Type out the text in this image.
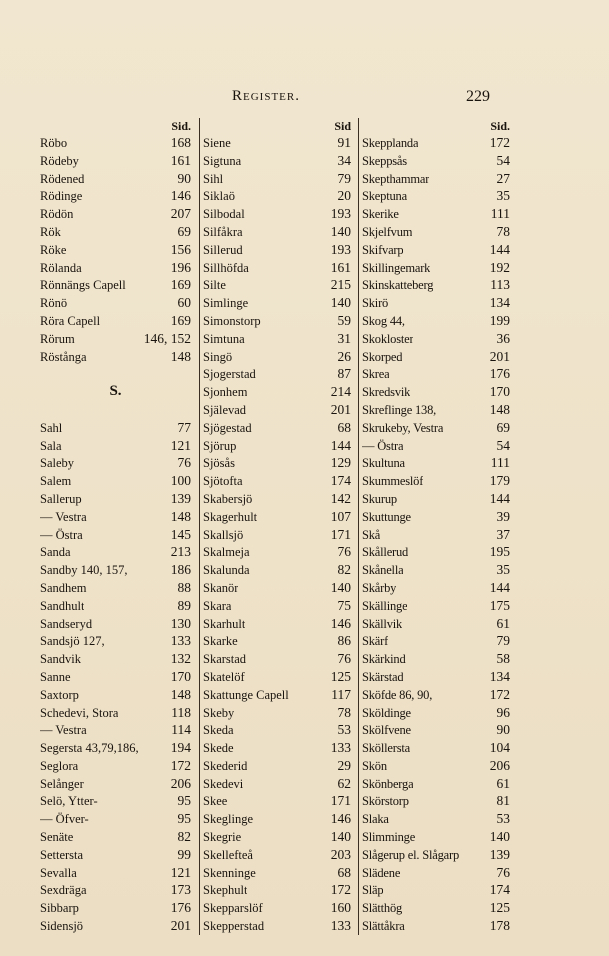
Register.	229
Sid.
Röbo	168
Rödeby	161
Rödened	90
Rödinge	146
Rödön	207
Rök	69
Röke	156
Rölanda	196
Rönnängs Capell	169
Rönö	60
Röra Capell	169
Rörum	146, 152
Röstånga	148
S.
Sahl	77
Sala	121
Saleby	76
Salem	100
Sallerup	139
— Vestra	148
— Östra	145
Sanda	213
Sandby 140, 157,	186
Sandhem	88
Sandhult	89
Sandseryd	130
Sandsjö 127,	133
Sandvik	132
Sanne	170
Saxtorp	148
Schedevi, Stora	118
— Vestra	114
Segersta 43,79,186, 194
Seglora	172
Selånger	206
Selö, Ytter-	95
— Öfver-	95
Senäte	82
Settersta	99
Sevalla	121
Sexdräga	173
Sibbarp	176
Sidensjö	201
Sid
Siene	91
Sigtuna	34
Sihl	79
Siklaö	20
Silbodal	193
Silfåkra	140
Sillerud	193
Sillhöfda	161
Silte	215
Simlinge	140
Simonstorp	59
Simtuna	31
Singö	26
Sjogerstad	87
Sjonhem	214
Själevad	201
Sjögestad	68
Sjörup	144
Sjösås	129
Sjötofta	174
Skabersjö	142
Skagerhult	107
Skallsjö	171
Skalmeja	76
Skalunda	82
Skanör	140
Skara	75
Skarhult	146
Skarke	86
Skarstad	76
Skatelöf	125
Skattunge Capell	117
Skeby	78
Skeda	53
Skede	133
Skederid	29
Skedevi	62
Skee	171
Skeglinge	146
Skegrie	140
Skellefteå	203
Skenninge	68
Skephult	172
Skepparslöf	160
Skepperstad	133
Sid.
Skepplanda	172
Skeppsås	54
Skepthammar	27
Skeptuna	35
Skerike	111
Skjelfvum	78
Skifvarp	144
Skillingemark	192
Skinskatteberg	113
Skirö	134
Skog 44,	199
Skokloster	36
Skorped	201
Skrea	176
Skredsvik	170
Skreflinge 138,	148
Skrukeby, Vestra	69
— Östra	54
Skultuna	111
Skummeslöf	179
Skurup	144
Skuttunge	39
Skå	37
Skållerud	195
Skånella	35
Skårby	144
Skällinge	175
Skällvik	61
Skärf	79
Skärkind	58
Skärstad	134
Sköfde 86, 90,	172
Sköldinge	96
Skölfvene	90
Sköllersta	104
Skön	206
Skönberga	61
Skörstorp	81
Slaka	53
Slimminge	140
Slågerup el. Slågarp 139
Slädene	76
Släp	174
Slätthög	125
Slättåkra	178
